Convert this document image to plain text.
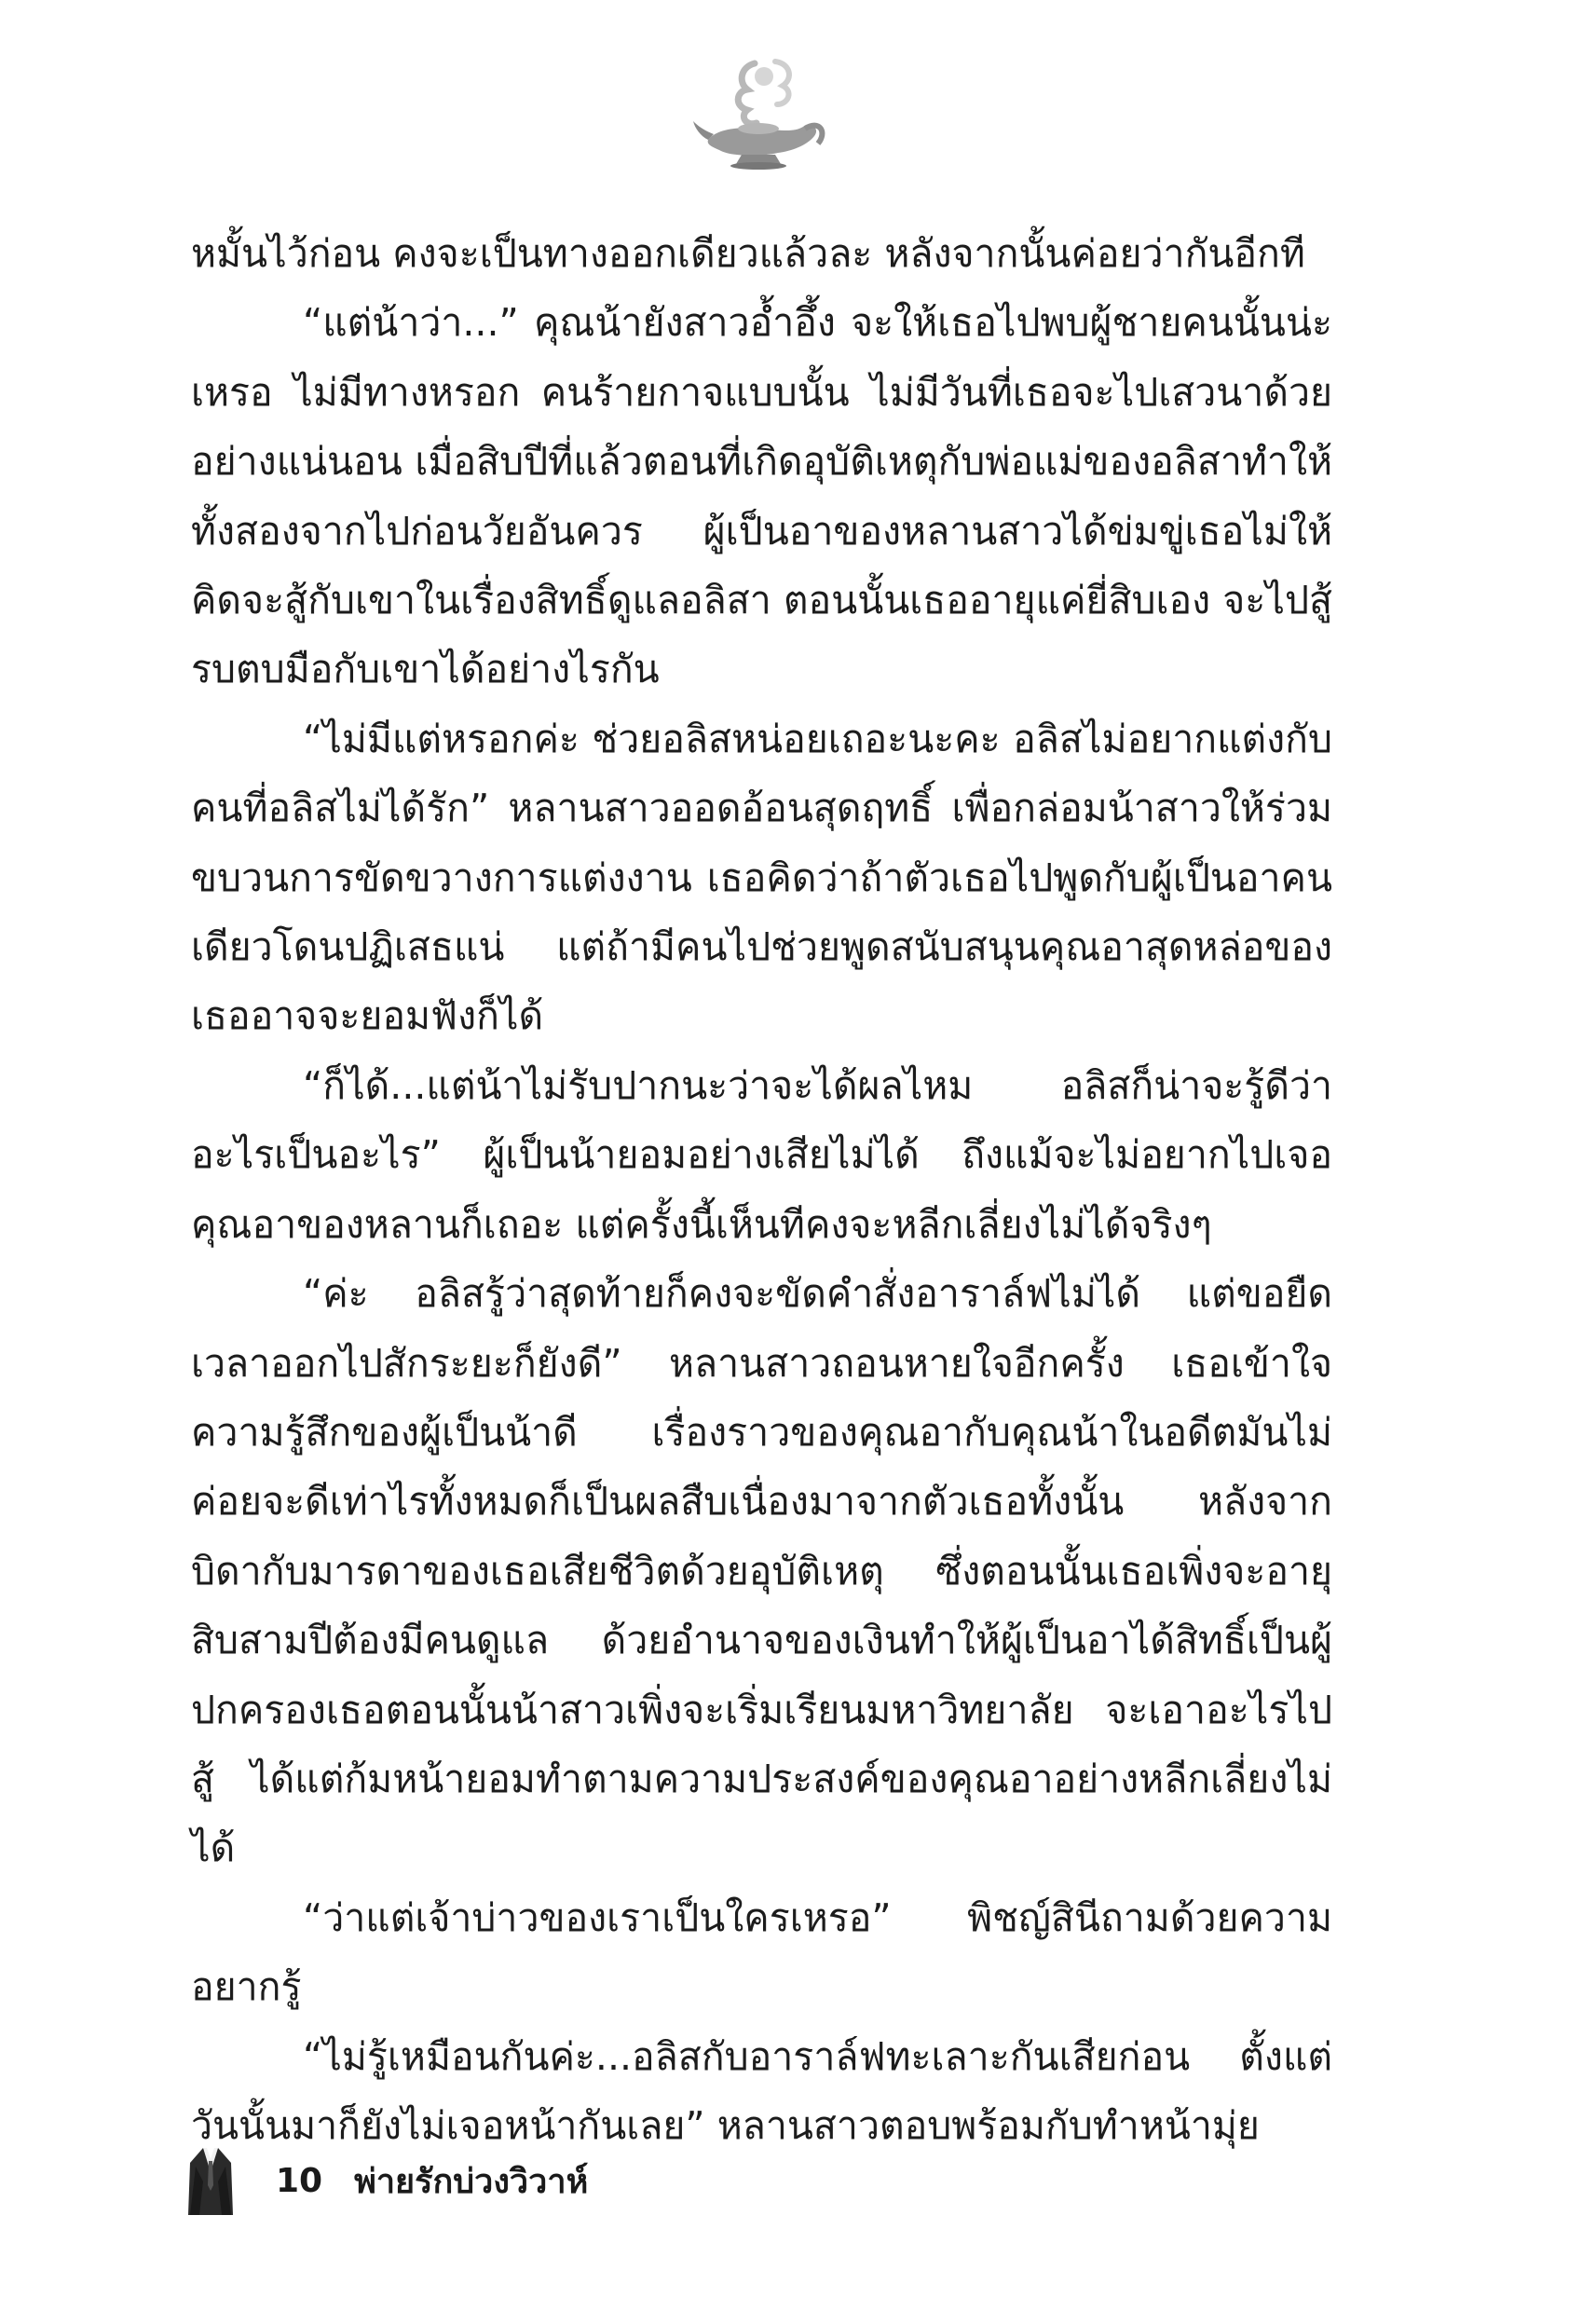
หมั้นไว้ก่อน คงจะเป็นทางออกเดียวแล้วละ หลังจากนั้นค่อยว่ากันอีกที

“แต่น้าว่า...” คุณน้ายังสาวอ้ำอึ้ง จะให้เธอไปพบผู้ชายคนนั้นน่ะเหรอ ไม่มีทางหรอก คนร้ายกาจแบบนั้น ไม่มีวันที่เธอจะไปเสวนาด้วยอย่างแน่นอน เมื่อสิบปีที่แล้วตอนที่เกิดอุบัติเหตุกับพ่อแม่ของอลิสาทำให้ทั้งสองจากไปก่อนวัยอันควร ผู้เป็นอาของหลานสาวได้ข่มขู่เธอไม่ให้คิดจะสู้กับเขาในเรื่องสิทธิ์ดูแลอลิสา ตอนนั้นเธออายุแค่ยี่สิบเอง จะไปสู้รบตบมือกับเขาได้อย่างไรกัน

“ไม่มีแต่หรอกค่ะ ช่วยอลิสหน่อยเถอะนะคะ อลิสไม่อยากแต่งกับคนที่อลิสไม่ได้รัก” หลานสาวออดอ้อนสุดฤทธิ์ เพื่อกล่อมน้าสาวให้ร่วมขบวนการขัดขวางการแต่งงาน เธอคิดว่าถ้าตัวเธอไปพูดกับผู้เป็นอาคนเดียวโดนปฏิเสธแน่ แต่ถ้ามีคนไปช่วยพูดสนับสนุนคุณอาสุดหล่อของเธออาจจะยอมฟังก็ได้

“ก็ได้...แต่น้าไม่รับปากนะว่าจะได้ผลไหม อลิสก็น่าจะรู้ดีว่าอะไรเป็นอะไร” ผู้เป็นน้ายอมอย่างเสียไม่ได้ ถึงแม้จะไม่อยากไปเจอคุณอาของหลานก็เถอะ แต่ครั้งนี้เห็นทีคงจะหลีกเลี่ยงไม่ได้จริงๆ

“ค่ะ อลิสรู้ว่าสุดท้ายก็คงจะขัดคำสั่งอาราล์ฟไม่ได้ แต่ขอยืดเวลาออกไปสักระยะก็ยังดี” หลานสาวถอนหายใจอีกครั้ง เธอเข้าใจความรู้สึกของผู้เป็นน้าดี เรื่องราวของคุณอากับคุณน้าในอดีตมันไม่ค่อยจะดีเท่าไรทั้งหมดก็เป็นผลสืบเนื่องมาจากตัวเธอทั้งนั้น หลังจากบิดากับมารดาของเธอเสียชีวิตด้วยอุบัติเหตุ ซึ่งตอนนั้นเธอเพิ่งจะอายุสิบสามปีต้องมีคนดูแล ด้วยอำนาจของเงินทำให้ผู้เป็นอาได้สิทธิ์เป็นผู้ปกครองเธอตอนนั้นน้าสาวเพิ่งจะเริ่มเรียนมหาวิทยาลัย จะเอาอะไรไปสู้ ได้แต่ก้มหน้ายอมทำตามความประสงค์ของคุณอาอย่างหลีกเลี่ยงไม่ได้

“ว่าแต่เจ้าบ่าวของเราเป็นใครเหรอ” พิชญ์สินีถามด้วยความอยากรู้

“ไม่รู้เหมือนกันค่ะ...อลิสกับอาราล์ฟทะเลาะกันเสียก่อน ตั้งแต่วันนั้นมาก็ยังไม่เจอหน้ากันเลย” หลานสาวตอบพร้อมกับทำหน้ามุ่ย

10 พ่ายรักบ่วงวิวาห์
